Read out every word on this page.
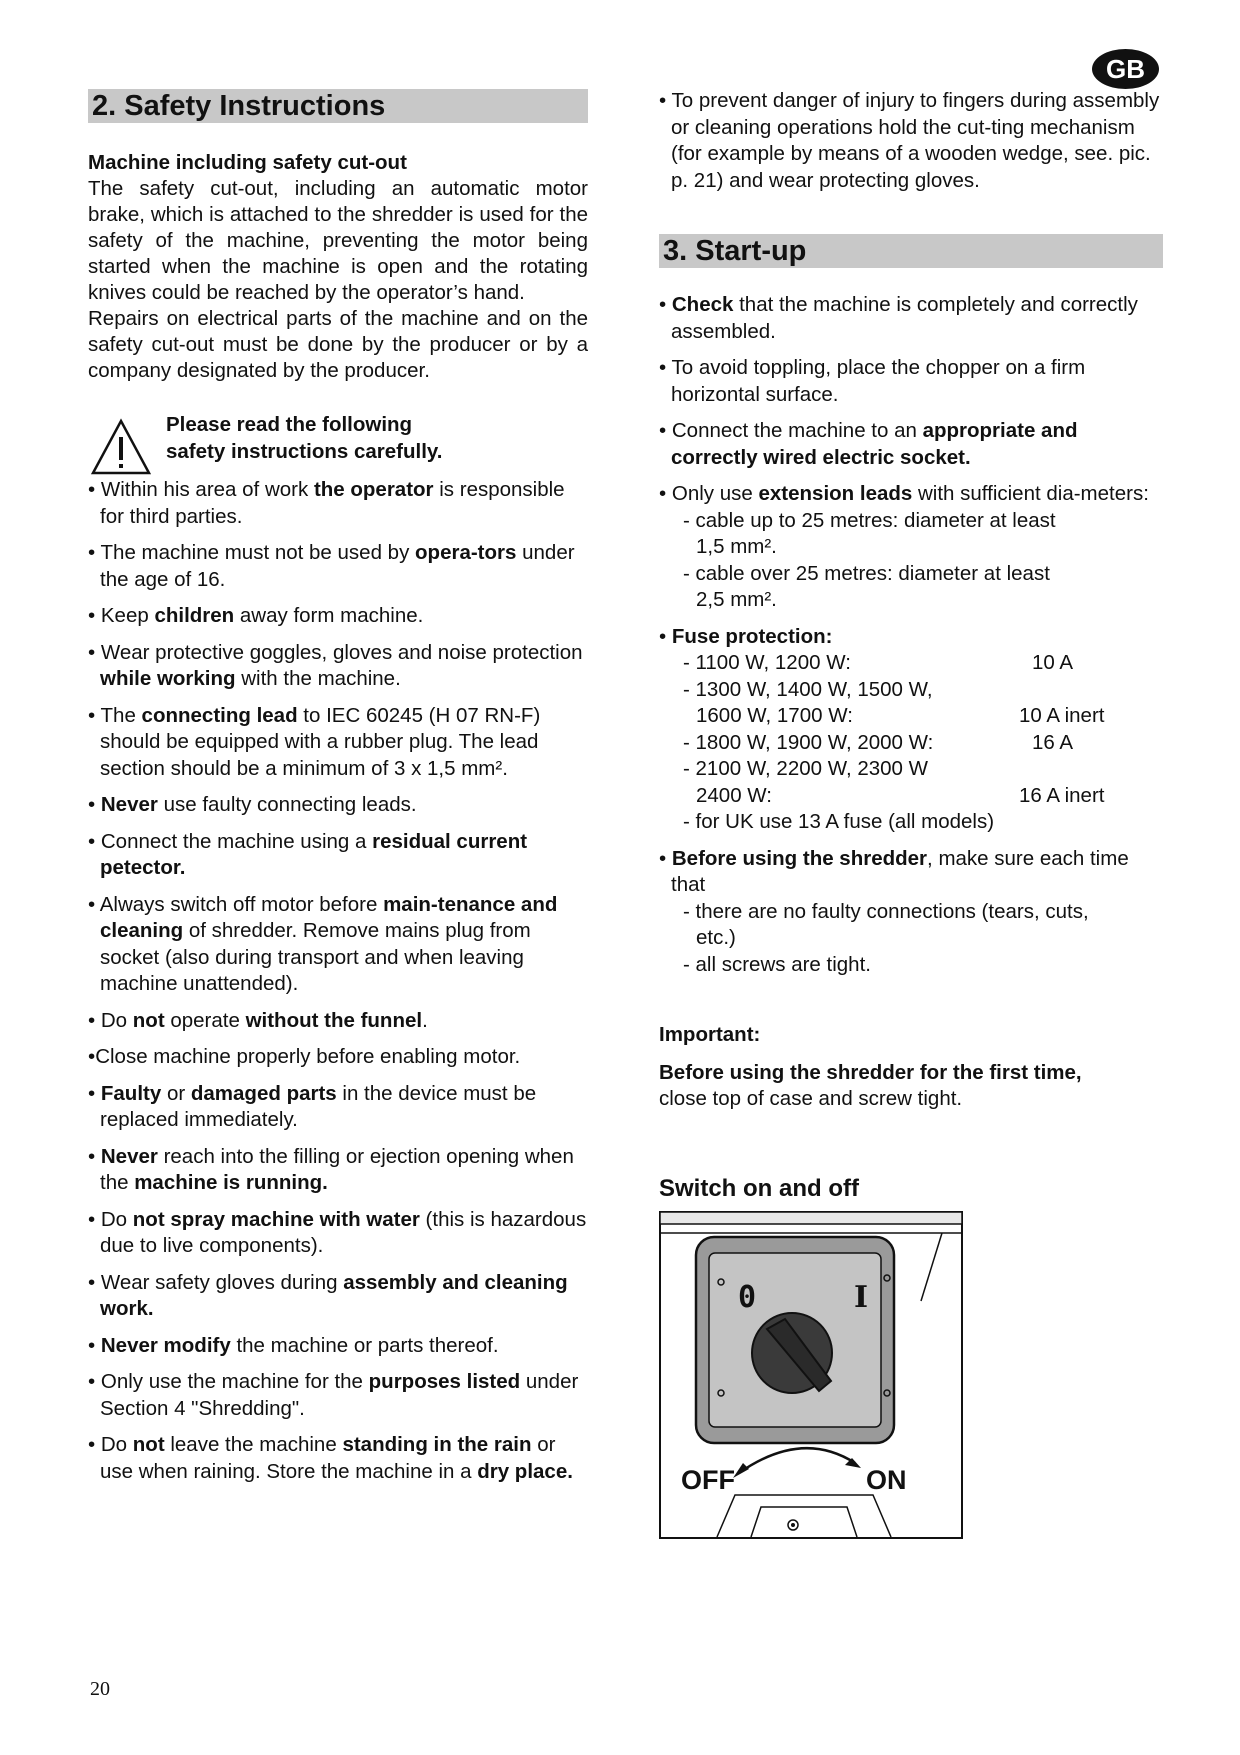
GB
2. Safety Instructions
Machine including safety cut-out

The safety cut-out, including an automatic motor brake, which is attached to the shredder is used for the safety of the machine, preventing the motor being started when the machine is open and the rotating knives could be reached by the operator’s hand.

Repairs on electrical parts of the machine and on the safety cut-out must be done by the producer or by a company designated by the producer.

Please read the following
safety instructions carefully.
• Within his area of work the operator is responsible for third parties.
• The machine must not be used by opera-tors under the age of 16.
• Keep children away form machine.
• Wear protective goggles, gloves and noise protection while working with the machine.
• The connecting lead to IEC 60245 (H 07 RN-F) should be equipped with a rubber plug. The lead section should be a minimum of 3 x 1,5 mm².
• Never use faulty connecting leads.
• Connect the machine using a residual current petector.
• Always switch off motor before main-tenance and cleaning of shredder. Remove mains plug from socket (also during transport and when leaving machine unattended).
• Do not operate without the funnel.
•Close machine properly before enabling motor.
• Faulty or damaged parts in the device must be replaced immediately.
• Never reach into the filling or ejection opening when the machine is running.
• Do not spray machine with water (this is hazardous due to live components).
• Wear safety gloves during assembly and cleaning work.
• Never modify the machine or parts thereof.
• Only use the machine for the purposes listed under Section 4 "Shredding".
• Do not leave the machine standing in the rain or use when raining. Store the machine in a dry place.
• To prevent danger of injury to fingers during assembly or cleaning operations hold the cut-ting mechanism (for example by means of a wooden wedge, see. pic. p. 21) and wear protecting gloves.
3. Start-up
• Check that the machine is completely and correctly assembled.
• To avoid toppling, place the chopper on a firm horizontal surface.
• Connect the machine to an appropriate and correctly wired electric socket.
• Only use extension leads with sufficient dia-meters:
- cable up to 25 metres: diameter at least
1,5 mm².
- cable over 25 metres: diameter at least
2,5 mm².
• Fuse protection:
- 1100 W, 1200 W:	10 A
- 1300 W, 1400 W, 1500 W,
1600 W, 1700 W:	10 A inert
- 1800 W, 1900 W, 2000 W:	16 A
- 2100 W, 2200 W, 2300 W
2400 W:	16 A inert
- for UK use 13 A fuse (all models)
• Before using the shredder, make sure each time that
- there are no faulty connections (tears, cuts,
etc.)
- all screws are tight.
Important:
Before using the shredder for the first time,
close top of case and screw tight.
Switch on and off
0	I
OFF	ON
20
